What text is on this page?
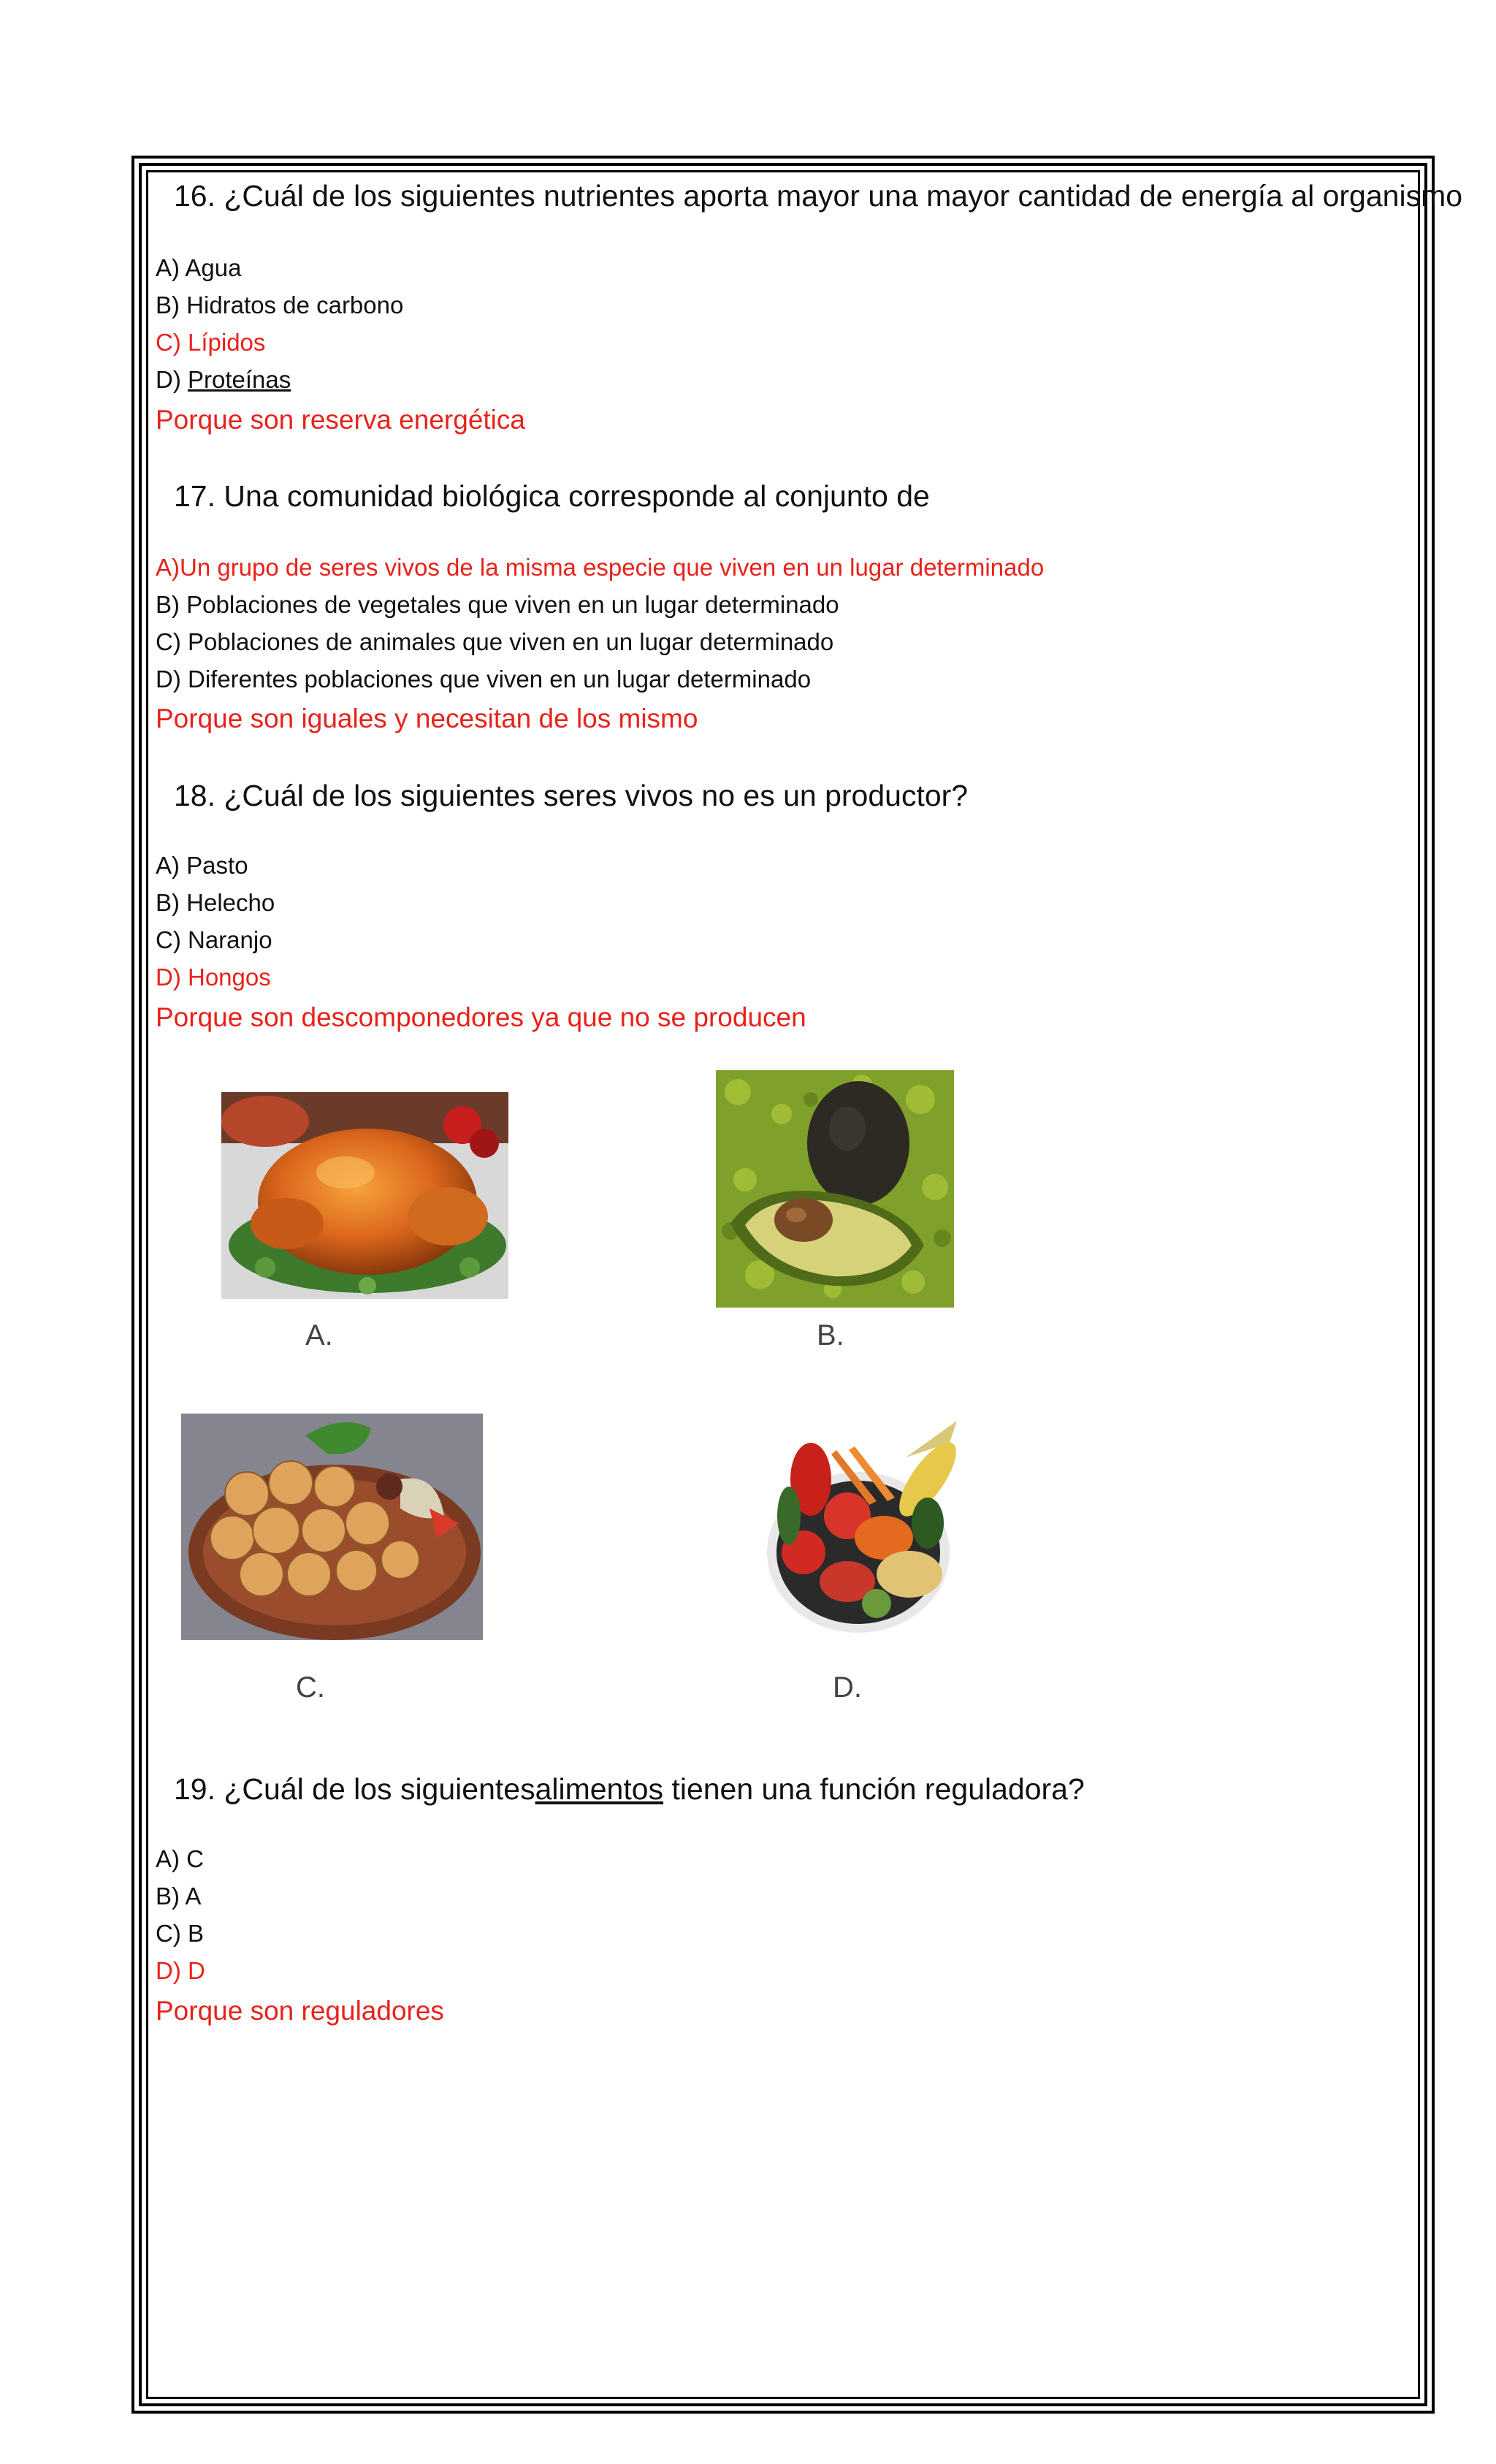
16. ¿Cuál de los siguientes nutrientes aporta mayor una mayor cantidad de energía al organismo
A) Agua
B) Hidratos de carbono
C) Lípidos
D) Proteínas
Porque son reserva energética
17. Una comunidad biológica corresponde al conjunto de
A)Un grupo de seres vivos de la misma especie que viven en un lugar determinado
B) Poblaciones de vegetales que viven en un lugar determinado
C) Poblaciones de animales que viven en un lugar determinado
D) Diferentes poblaciones que viven en un lugar determinado
Porque son iguales y necesitan de los mismo
18. ¿Cuál de los siguientes seres vivos no es un productor?
A) Pasto
B) Helecho
C) Naranjo
D) Hongos
Porque son descomponedores ya que no se producen
A.	B.
C.	D.
19. ¿Cuál de los siguientesalimentos tienen una función reguladora?
A) C
B) A
C) B
D) D
Porque son reguladores
